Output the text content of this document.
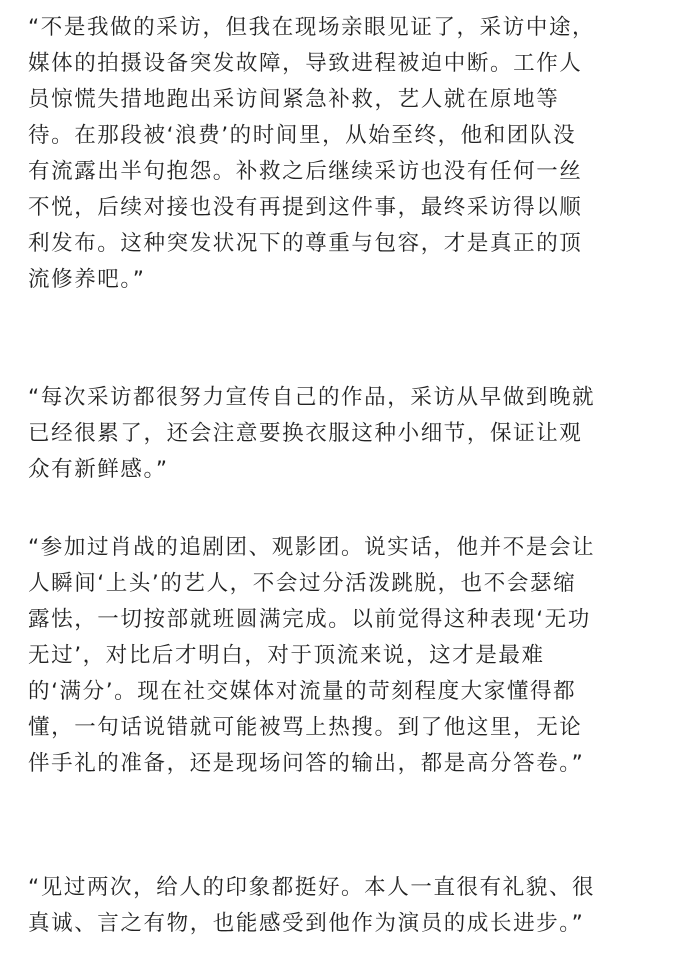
“不是我做的采访，但我在现场亲眼见证了，采访中途，
媒体的拍摄设备突发故障，导致进程被迫中断。工作人
员惊慌失措地跑出采访间紧急补救，艺人就在原地等
待。在那段被‘浪费’的时间里，从始至终，他和团队没
有流露出半句抱怨。补救之后继续采访也没有任何一丝
不悦，后续对接也没有再提到这件事，最终采访得以顺
利发布。这种突发状况下的尊重与包容，才是真正的顶
流修养吧。”

“每次采访都很努力宣传自己的作品，采访从早做到晚就
已经很累了，还会注意要换衣服这种小细节，保证让观
众有新鲜感。”

“参加过肖战的追剧团、观影团。说实话，他并不是会让
人瞬间‘上头’的艺人，不会过分活泼跳脱，也不会瑟缩
露怯，一切按部就班圆满完成。以前觉得这种表现‘无功
无过’，对比后才明白，对于顶流来说，这才是最难
的‘满分’。现在社交媒体对流量的苛刻程度大家懂得都
懂，一句话说错就可能被骂上热搜。到了他这里，无论
伴手礼的准备，还是现场问答的输出，都是高分答卷。”

“见过两次，给人的印象都挺好。本人一直很有礼貌、很
真诚、言之有物，也能感受到他作为演员的成长进步。”
